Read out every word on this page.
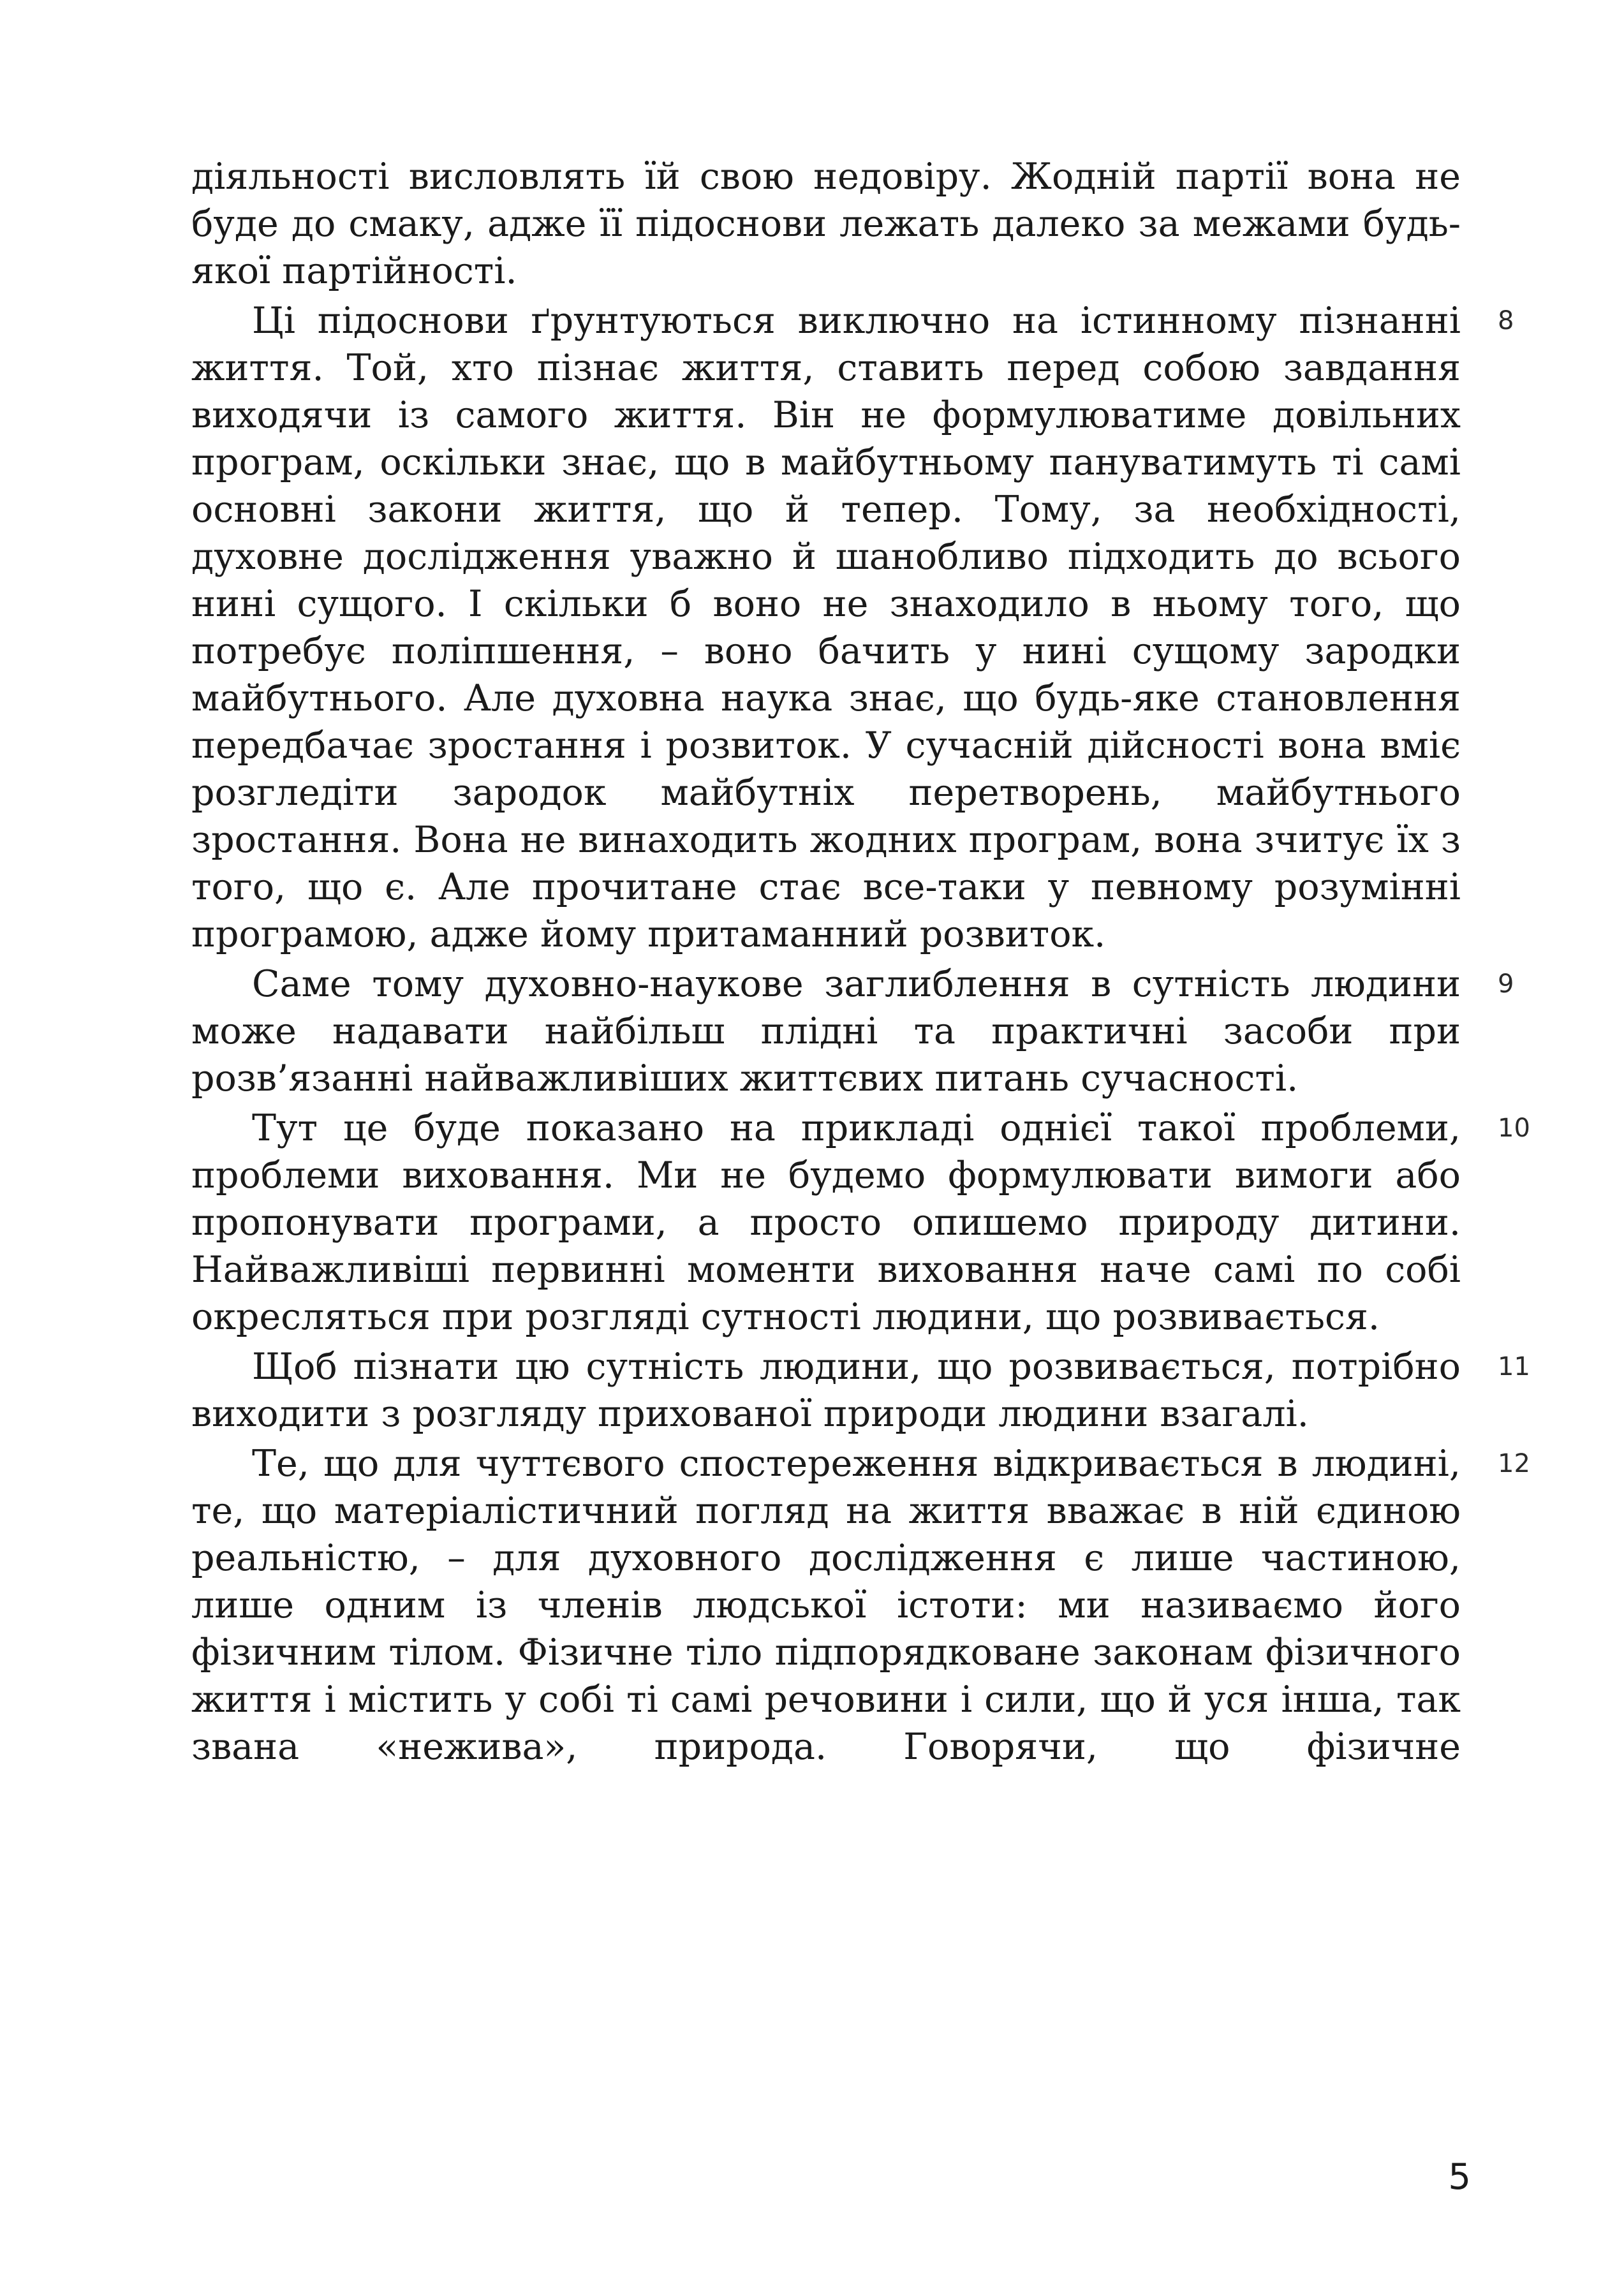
діяльності висловлять їй свою недовіру. Жодній партії вона не буде до смаку, адже її підоснови лежать далеко за межами будь-якої партійності.

8
Ці підоснови ґрунтуються виключно на істинному пізнанні життя. Той, хто пізнає життя, ставить перед собою завдання виходячи із самого життя. Він не формулюватиме довільних програм, оскільки знає, що в майбутньому пануватимуть ті самі основні закони життя, що й тепер. Тому, за необхідності, духовне дослідження уважно й шанобливо підходить до всього нині сущого. І скільки б воно не знаходило в ньому того, що потребує поліпшення, – воно бачить у нині сущому зародки майбутнього. Але духовна наука знає, що будь-яке становлення передбачає зростання і розвиток. У сучасній дійсності вона вміє розгледіти зародок майбутніх перетворень, майбутнього зростання. Вона не винаходить жодних програм, вона зчитує їх з того, що є. Але прочитане стає все-таки у певному розумінні програмою, адже йому притаманний розвиток.

9
Саме тому духовно-наукове заглиблення в сутність людини може надавати найбільш плідні та практичні засоби при розв’язанні найважливіших життєвих питань сучасності.

10
Тут це буде показано на прикладі однієї такої проблеми, проблеми виховання. Ми не будемо формулювати вимоги або пропонувати програми, а просто опишемо природу дитини. Найважливіші первинні моменти виховання наче самі по собі окресляться при розгляді сутності людини, що розвивається.

11
Щоб пізнати цю сутність людини, що розвивається, потрібно виходити з розгляду прихованої природи людини взагалі.

12
Те, що для чуттєвого спостереження відкривається в людині, те, що матеріалістичний погляд на життя вважає в ній єдиною реальністю, – для духовного дослідження є лише частиною, лише одним із членів людської істоти: ми називаємо його фізичним тілом. Фізичне тіло підпорядковане законам фізичного життя і містить у собі ті самі речовини і сили, що й уся інша, так звана «нежива», природа. Говорячи, що фізичне

5
